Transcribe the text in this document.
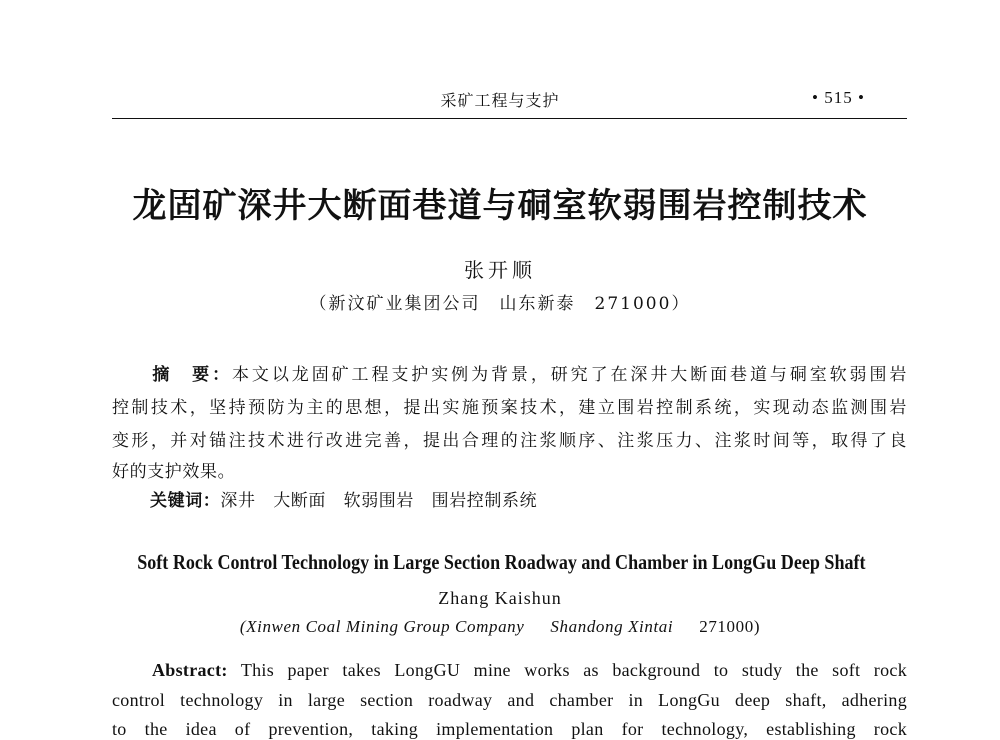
采矿工程与支护	• 515 •
龙固矿深井大断面巷道与硐室软弱围岩控制技术
张开顺
（新汶矿业集团公司　山东新泰　271000）
摘　要：本文以龙固矿工程支护实例为背景，研究了在深井大断面巷道与硐室软弱围岩
控制技术，坚持预防为主的思想，提出实施预案技术，建立围岩控制系统，实现动态监测围岩
变形，并对锚注技术进行改进完善，提出合理的注浆顺序、注浆压力、注浆时间等，取得了良
好的支护效果。
关键词：深井　大断面　软弱围岩　围岩控制系统
Soft Rock Control Technology in Large Section Roadway and Chamber in LongGu Deep Shaft
Zhang Kaishun
(Xinwen Coal Mining Group Company Shandong Xintai 271000)
Abstract: This paper takes LongGU mine works as background to study the soft rock
control technology in large section roadway and chamber in LongGu deep shaft, adhering
to the idea of prevention, taking implementation plan for technology, establishing rock
